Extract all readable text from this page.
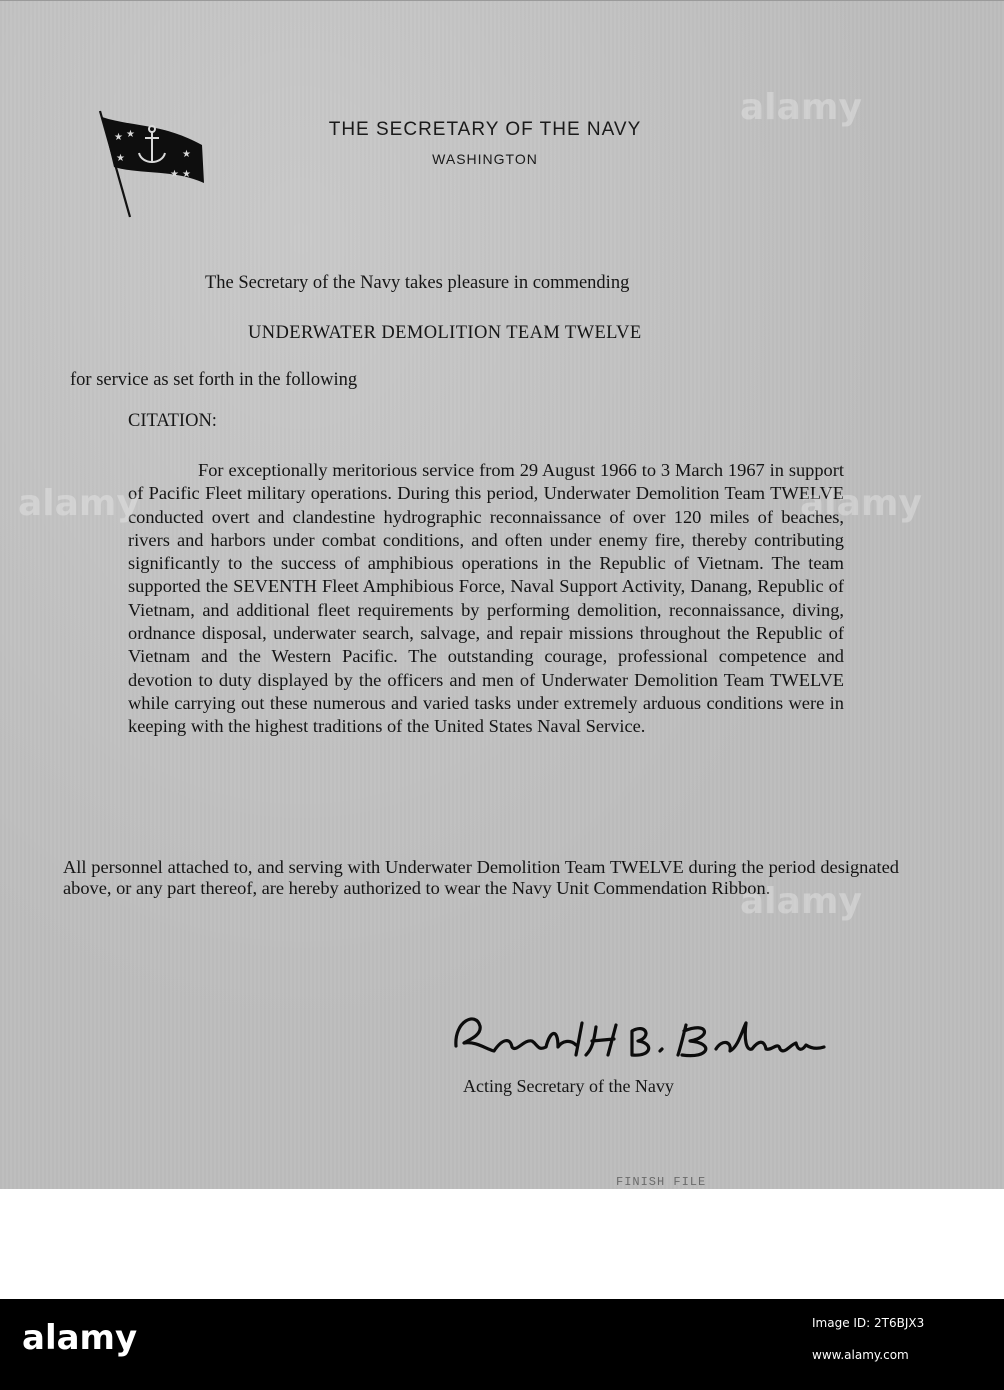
★ ★
★	★
★
★
THE SECRETARY OF THE NAVY
WASHINGTON
The Secretary of the Navy takes pleasure in commending
UNDERWATER DEMOLITION TEAM TWELVE
for service as set forth in the following
CITATION:
For exceptionally meritorious service from 29 August 1966 to 3 March 1967 in support of Pacific Fleet military operations. During this period, Underwater Demolition Team TWELVE conducted overt and clandestine hydrographic reconnaissance of over 120 miles of beaches, rivers and harbors under combat conditions, and often under enemy fire, thereby contributing significantly to the success of amphibious operations in the Republic of Vietnam. The team supported the SEVENTH Fleet Amphibious Force, Naval Support Activity, Danang, Republic of Vietnam, and additional fleet requirements by performing demolition, reconnaissance, diving, ordnance disposal, underwater search, salvage, and repair missions throughout the Republic of Vietnam and the Western Pacific. The outstanding courage, professional competence and devotion to duty displayed by the officers and men of Underwater Demolition Team TWELVE while carrying out these numerous and varied tasks under extremely arduous conditions were in keeping with the highest traditions of the United States Naval Service.
All personnel attached to, and serving with Underwater Demolition Team TWELVE during the period designated above, or any part thereof, are hereby authorized to wear the Navy Unit Commendation Ribbon.
Acting Secretary of the Navy
FINISH FILE
alamy
alamy
alamy
alamy
alamy	Image ID: 2T6BJX3
www.alamy.com
